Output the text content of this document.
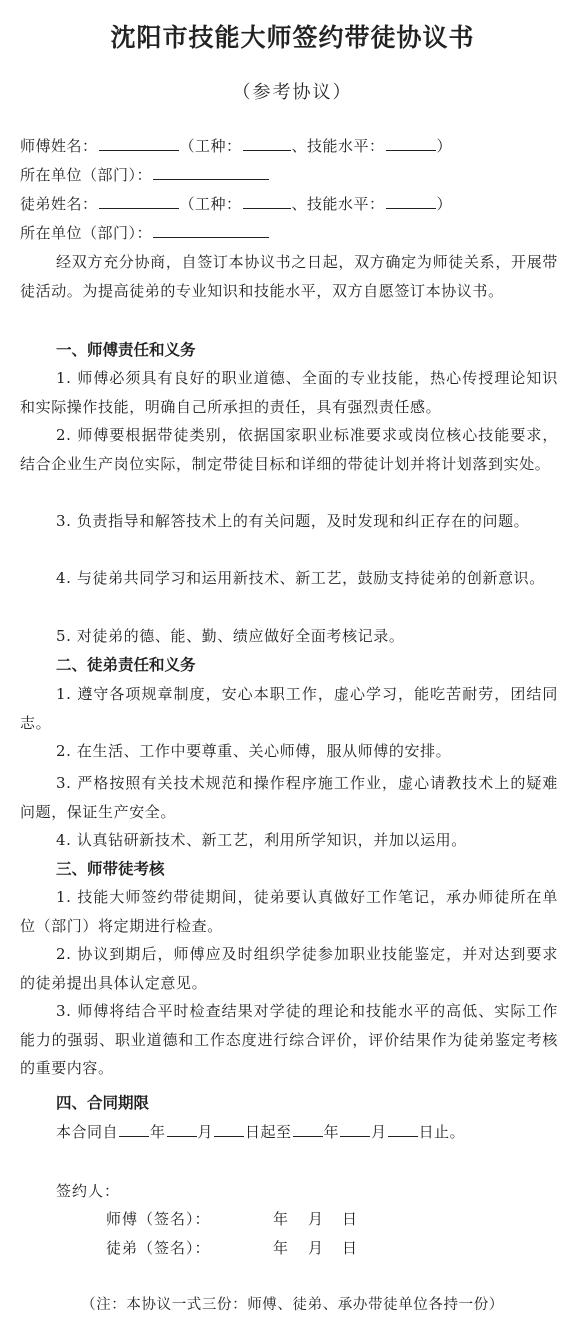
沈阳市技能大师签约带徒协议书
（参考协议）
师傅姓名：	（工种：	、技能水平：	）
所在单位（部门）：
徒弟姓名：	（工种：	、技能水平：	）
所在单位（部门）：
经双方充分协商，自签订本协议书之日起，双方确定为师徒关系，开展带徒活动。为提高徒弟的专业知识和技能水平，双方自愿签订本协议书。
一、师傅责任和义务
1. 师傅必须具有良好的职业道德、全面的专业技能，热心传授理论知识和实际操作技能，明确自己所承担的责任，具有强烈责任感。
2. 师傅要根据带徒类别，依据国家职业标准要求或岗位核心技能要求，结合企业生产岗位实际，制定带徒目标和详细的带徒计划并将计划落到实处。
3. 负责指导和解答技术上的有关问题，及时发现和纠正存在的问题。
4. 与徒弟共同学习和运用新技术、新工艺，鼓励支持徒弟的创新意识。
5. 对徒弟的德、能、勤、绩应做好全面考核记录。
二、徒弟责任和义务
1. 遵守各项规章制度，安心本职工作，虚心学习，能吃苦耐劳，团结同志。
2. 在生活、工作中要尊重、关心师傅，服从师傅的安排。
3. 严格按照有关技术规范和操作程序施工作业，虚心请教技术上的疑难问题，保证生产安全。
4. 认真钻研新技术、新工艺，利用所学知识，并加以运用。
三、师带徒考核
1. 技能大师签约带徒期间，徒弟要认真做好工作笔记，承办师徒所在单位（部门）将定期进行检查。
2. 协议到期后，师傅应及时组织学徒参加职业技能鉴定，并对达到要求的徒弟提出具体认定意见。
3. 师傅将结合平时检查结果对学徒的理论和技能水平的高低、实际工作能力的强弱、职业道德和工作态度进行综合评价，评价结果作为徒弟鉴定考核的重要内容。
四、合同期限
本合同自 年 月 日起至 年 月 日止。
签约人：
师傅（签名）：	年 月 日
徒弟（签名）：	年 月 日
（注：本协议一式三份：师傅、徒弟、承办带徒单位各持一份）
